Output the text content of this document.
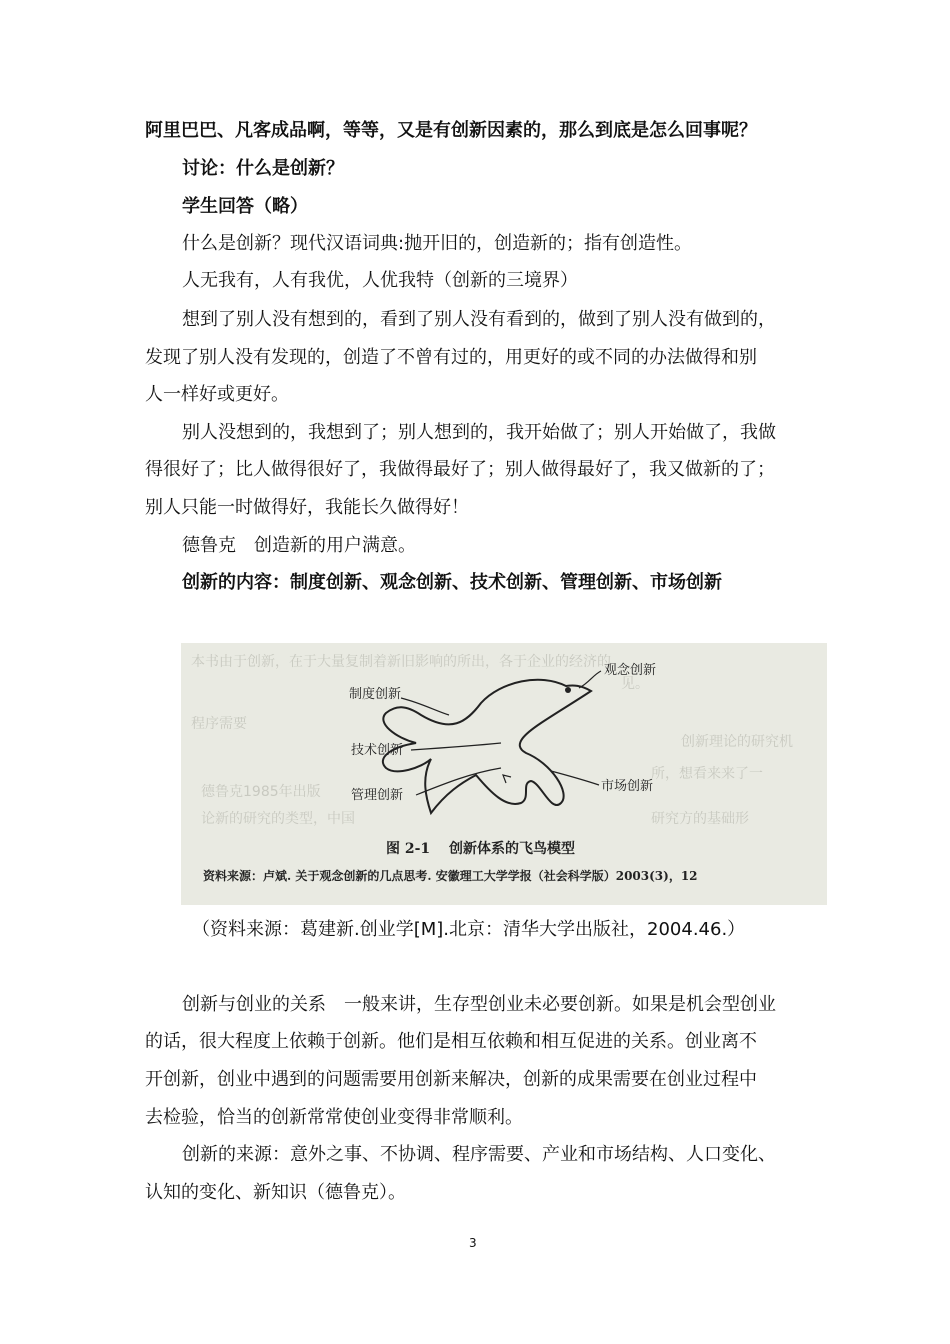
阿里巴巴、凡客成品啊，等等，又是有创新因素的，那么到底是怎么回事呢？
讨论：什么是创新？
学生回答（略）
什么是创新？现代汉语词典:抛开旧的，创造新的；指有创造性。
人无我有，人有我优，人优我特（创新的三境界）
想到了别人没有想到的，看到了别人没有看到的，做到了别人没有做到的，
发现了别人没有发现的，创造了不曾有过的，用更好的或不同的办法做得和别
人一样好或更好。
别人没想到的，我想到了；别人想到的，我开始做了；别人开始做了，我做
得很好了；比人做得很好了，我做得最好了；别人做得最好了，我又做新的了；
别人只能一时做得好，我能长久做得好！
德鲁克　创造新的用户满意。
创新的内容：制度创新、观念创新、技术创新、管理创新、市场创新
本书由于创新，在于大量复制着新旧影响的所出，各于企业的经济的
见。
程序需要
创新理论的研究机
所，想看来来了一
德鲁克1985年出版
论新的研究的类型，中国	研究方的基础形
观念创新
制度创新
技术创新
市场创新
管理创新
图 2-1　 创新体系的飞鸟模型
资料来源：卢斌. 关于观念创新的几点思考. 安徽理工大学学报（社会科学版）2003(3)，12
（资料来源：葛建新.创业学[M].北京：清华大学出版社，2004.46.）
创新与创业的关系　一般来讲，生存型创业未必要创新。如果是机会型创业
的话，很大程度上依赖于创新。他们是相互依赖和相互促进的关系。创业离不
开创新，创业中遇到的问题需要用创新来解决，创新的成果需要在创业过程中
去检验，恰当的创新常常使创业变得非常顺利。
创新的来源：意外之事、不协调、程序需要、产业和市场结构、人口变化、
认知的变化、新知识（德鲁克）。
3
